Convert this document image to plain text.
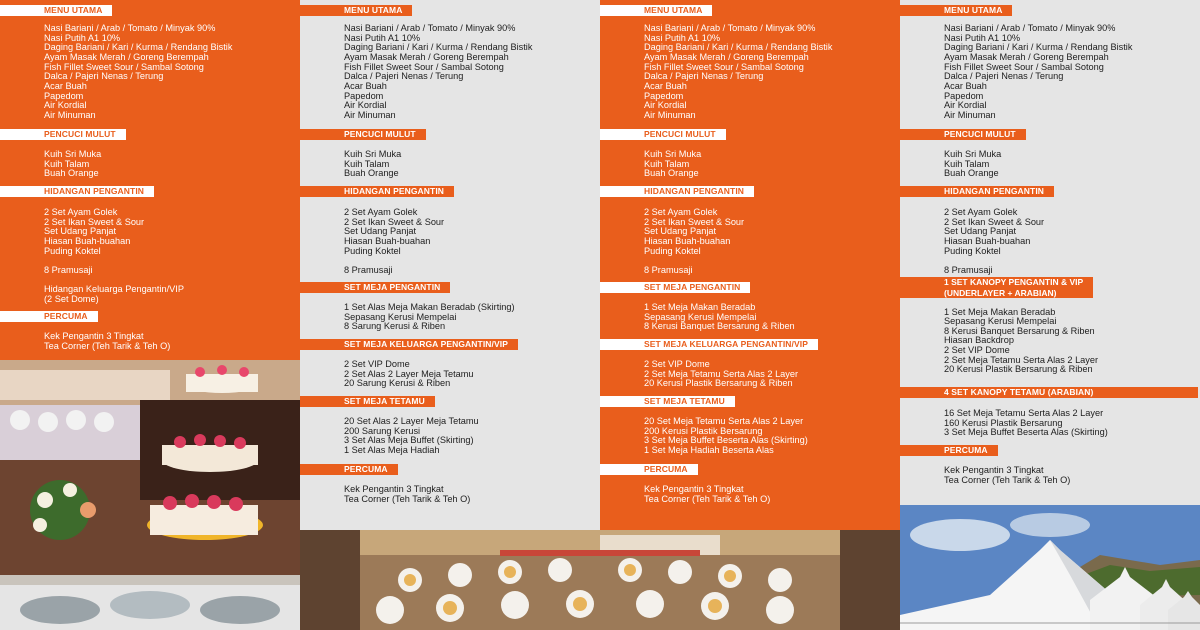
MENU UTAMA
Nasi Bariani / Arab / Tomato / Minyak 90%
Nasi Putih A1 10%
Daging Bariani / Kari / Kurma / Rendang Bistik
Ayam Masak Merah / Goreng Berempah
Fish Fillet Sweet Sour / Sambal Sotong
Dalca / Pajeri Nenas / Terung
Acar Buah
Papedom
Air Kordial
Air Minuman
PENCUCI MULUT
Kuih Sri Muka
Kuih Talam
Buah Orange
HIDANGAN PENGANTIN
2 Set Ayam Golek
2 Set Ikan Sweet & Sour
Set Udang Panjat
Hiasan Buah-buahan
Puding Koktel
8 Pramusaji
Hidangan Keluarga Pengantin/VIP
(2 Set Dome)
PERCUMA
Kek Pengantin 3 Tingkat
Tea Corner (Teh Tarik & Teh O)
MENU UTAMA
Nasi Bariani / Arab / Tomato / Minyak 90%
Nasi Putih A1 10%
Daging Bariani / Kari / Kurma / Rendang Bistik
Ayam Masak Merah / Goreng Berempah
Fish Fillet Sweet Sour / Sambal Sotong
Dalca / Pajeri Nenas / Terung
Acar Buah
Papedom
Air Kordial
Air Minuman
PENCUCI MULUT
Kuih Sri Muka
Kuih Talam
Buah Orange
HIDANGAN PENGANTIN
2 Set Ayam Golek
2 Set Ikan Sweet & Sour
Set Udang Panjat
Hiasan Buah-buahan
Puding Koktel
8 Pramusaji
SET MEJA PENGANTIN
1 Set Alas Meja Makan Beradab (Skirting)
Sepasang Kerusi Mempelai
8 Sarung Kerusi & Riben
SET MEJA KELUARGA PENGANTIN/VIP
2 Set VIP Dome
2 Set Alas 2 Layer Meja Tetamu
20 Sarung Kerusi & Riben
SET MEJA TETAMU
20 Set Alas 2 Layer Meja Tetamu
200 Sarung Kerusi
3 Set Alas Meja Buffet (Skirting)
1 Set Alas Meja Hadiah
PERCUMA
Kek Pengantin 3 Tingkat
Tea Corner (Teh Tarik & Teh O)
MENU UTAMA
Nasi Bariani / Arab / Tomato / Minyak 90%
Nasi Putih A1 10%
Daging Bariani / Kari / Kurma / Rendang Bistik
Ayam Masak Merah / Goreng Berempah
Fish Fillet Sweet Sour / Sambal Sotong
Dalca / Pajeri Nenas / Terung
Acar Buah
Papedom
Air Kordial
Air Minuman
PENCUCI MULUT
Kuih Sri Muka
Kuih Talam
Buah Orange
HIDANGAN PENGANTIN
2 Set Ayam Golek
2 Set Ikan Sweet & Sour
Set Udang Panjat
Hiasan Buah-buahan
Puding Koktel
8 Pramusaji
SET MEJA PENGANTIN
1 Set Meja Makan Beradab
Sepasang Kerusi Mempelai
8 Kerusi Banquet Bersarung & Riben
SET MEJA KELUARGA PENGANTIN/VIP
2 Set VIP Dome
2 Set Meja Tetamu Serta Alas 2 Layer
20 Kerusi Plastik Bersarung & Riben
SET MEJA TETAMU
20 Set Meja Tetamu Serta Alas 2 Layer
200 Kerusi Plastik Bersarung
3 Set Meja Buffet Beserta Alas (Skirting)
1 Set Meja Hadiah Beserta Alas
PERCUMA
Kek Pengantin 3 Tingkat
Tea Corner (Teh Tarik & Teh O)
MENU UTAMA
Nasi Bariani / Arab / Tomato / Minyak 90%
Nasi Putih A1 10%
Daging Bariani / Kari / Kurma / Rendang Bistik
Ayam Masak Merah / Goreng Berempah
Fish Fillet Sweet Sour / Sambal Sotong
Dalca / Pajeri Nenas / Terung
Acar Buah
Papedom
Air Kordial
Air Minuman
PENCUCI MULUT
Kuih Sri Muka
Kuih Talam
Buah Orange
HIDANGAN PENGANTIN
2 Set Ayam Golek
2 Set Ikan Sweet & Sour
Set Udang Panjat
Hiasan Buah-buahan
Puding Koktel
8 Pramusaji
1 SET KANOPY PENGANTIN & VIP
(UNDERLAYER + ARABIAN)
1 Set Meja Makan Beradab
Sepasang Kerusi Mempelai
8 Kerusi Banquet Bersarung & Riben
Hiasan Backdrop
2 Set VIP Dome
2 Set Meja Tetamu Serta Alas 2 Layer
20 Kerusi Plastik Bersarung & Riben
4 SET KANOPY TETAMU (ARABIAN)
16 Set Meja Tetamu Serta Alas 2 Layer
160 Kerusi Plastik Bersarung
3 Set Meja Buffet Beserta Alas (Skirting)
PERCUMA
Kek Pengantin 3 Tingkat
Tea Corner (Teh Tarik & Teh O)
